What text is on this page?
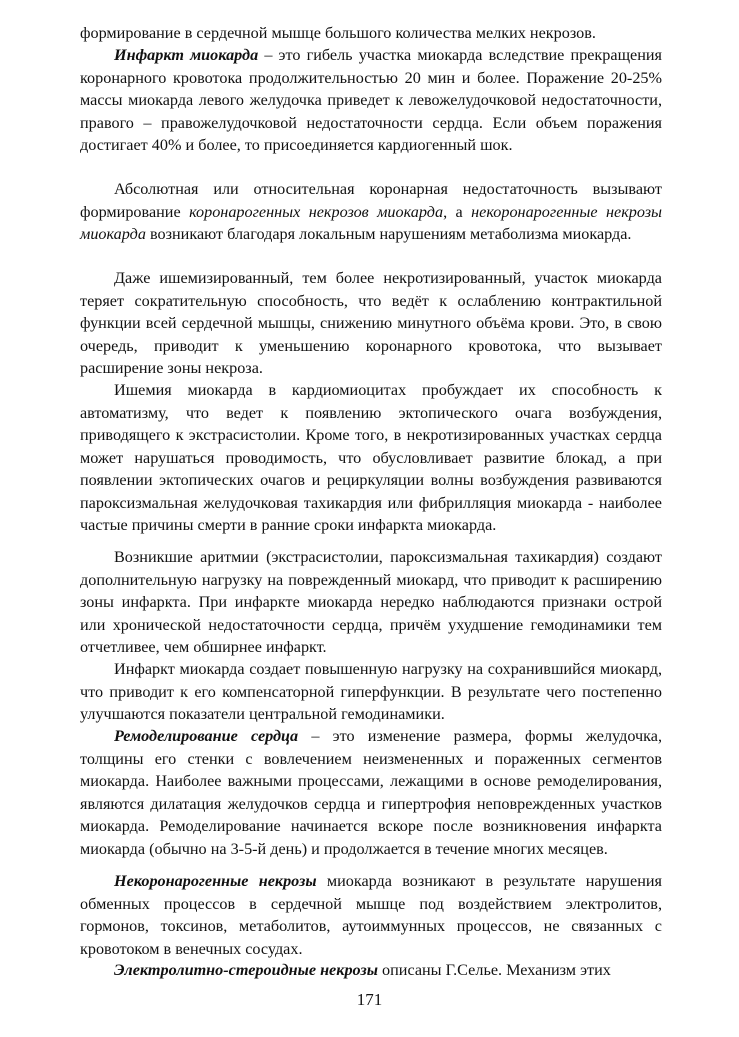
формирование в сердечной мышце большого количества мелких некрозов.

Инфаркт миокарда – это гибель участка миокарда вследствие прекращения коронарного кровотока продолжительностью 20 мин и более. Поражение 20-25% массы миокарда левого желудочка приведет к левожелудочковой недостаточности, правого – правожелудочковой недостаточности сердца. Если объем поражения достигает 40% и более, то присоединяется кардиогенный шок.

Абсолютная или относительная коронарная недостаточность вызывают формирование коронарогенных некрозов миокарда, а некоронарогенные некрозы миокарда возникают благодаря локальным нарушениям метаболизма миокарда.

Даже ишемизированный, тем более некротизированный, участок миокарда теряет сократительную способность, что ведёт к ослаблению контрактильной функции всей сердечной мышцы, снижению минутного объёма крови. Это, в свою очередь, приводит к уменьшению коронарного кровотока, что вызывает расширение зоны некроза.

Ишемия миокарда в кардиомиоцитах пробуждает их способность к автоматизму, что ведет к появлению эктопического очага возбуждения, приводящего к экстрасистолии. Кроме того, в некротизированных участках сердца может нарушаться проводимость, что обусловливает развитие блокад, а при появлении эктопических очагов и рециркуляции волны возбуждения развиваются пароксизмальная желудочковая тахикардия или фибрилляция миокарда - наиболее частые причины смерти в ранние сроки инфаркта миокарда.

Возникшие аритмии (экстрасистолии, пароксизмальная тахикардия) создают дополнительную нагрузку на поврежденный миокард, что приводит к расширению зоны инфаркта. При инфаркте миокарда нередко наблюдаются признаки острой или хронической недостаточности сердца, причём ухудшение гемодинамики тем отчетливее, чем обширнее инфаркт.

Инфаркт миокарда создает повышенную нагрузку на сохранившийся миокард, что приводит к его компенсаторной гиперфункции. В результате чего постепенно улучшаются показатели центральной гемодинамики.

Ремоделирование сердца – это изменение размера, формы желудочка, толщины его стенки с вовлечением неизмененных и пораженных сегментов миокарда. Наиболее важными процессами, лежащими в основе ремоделирования, являются дилатация желудочков сердца и гипертрофия неповрежденных участков миокарда. Ремоделирование начинается вскоре после возникновения инфаркта миокарда (обычно на 3-5-й день) и продолжается в течение многих месяцев.

Некоронарогенные некрозы миокарда возникают в результате нарушения обменных процессов в сердечной мышце под воздействием электролитов, гормонов, токсинов, метаболитов, аутоиммунных процессов, не связанных с кровотоком в венечных сосудах.

Электролитно-стероидные некрозы описаны Г.Селье. Механизм этих

171
